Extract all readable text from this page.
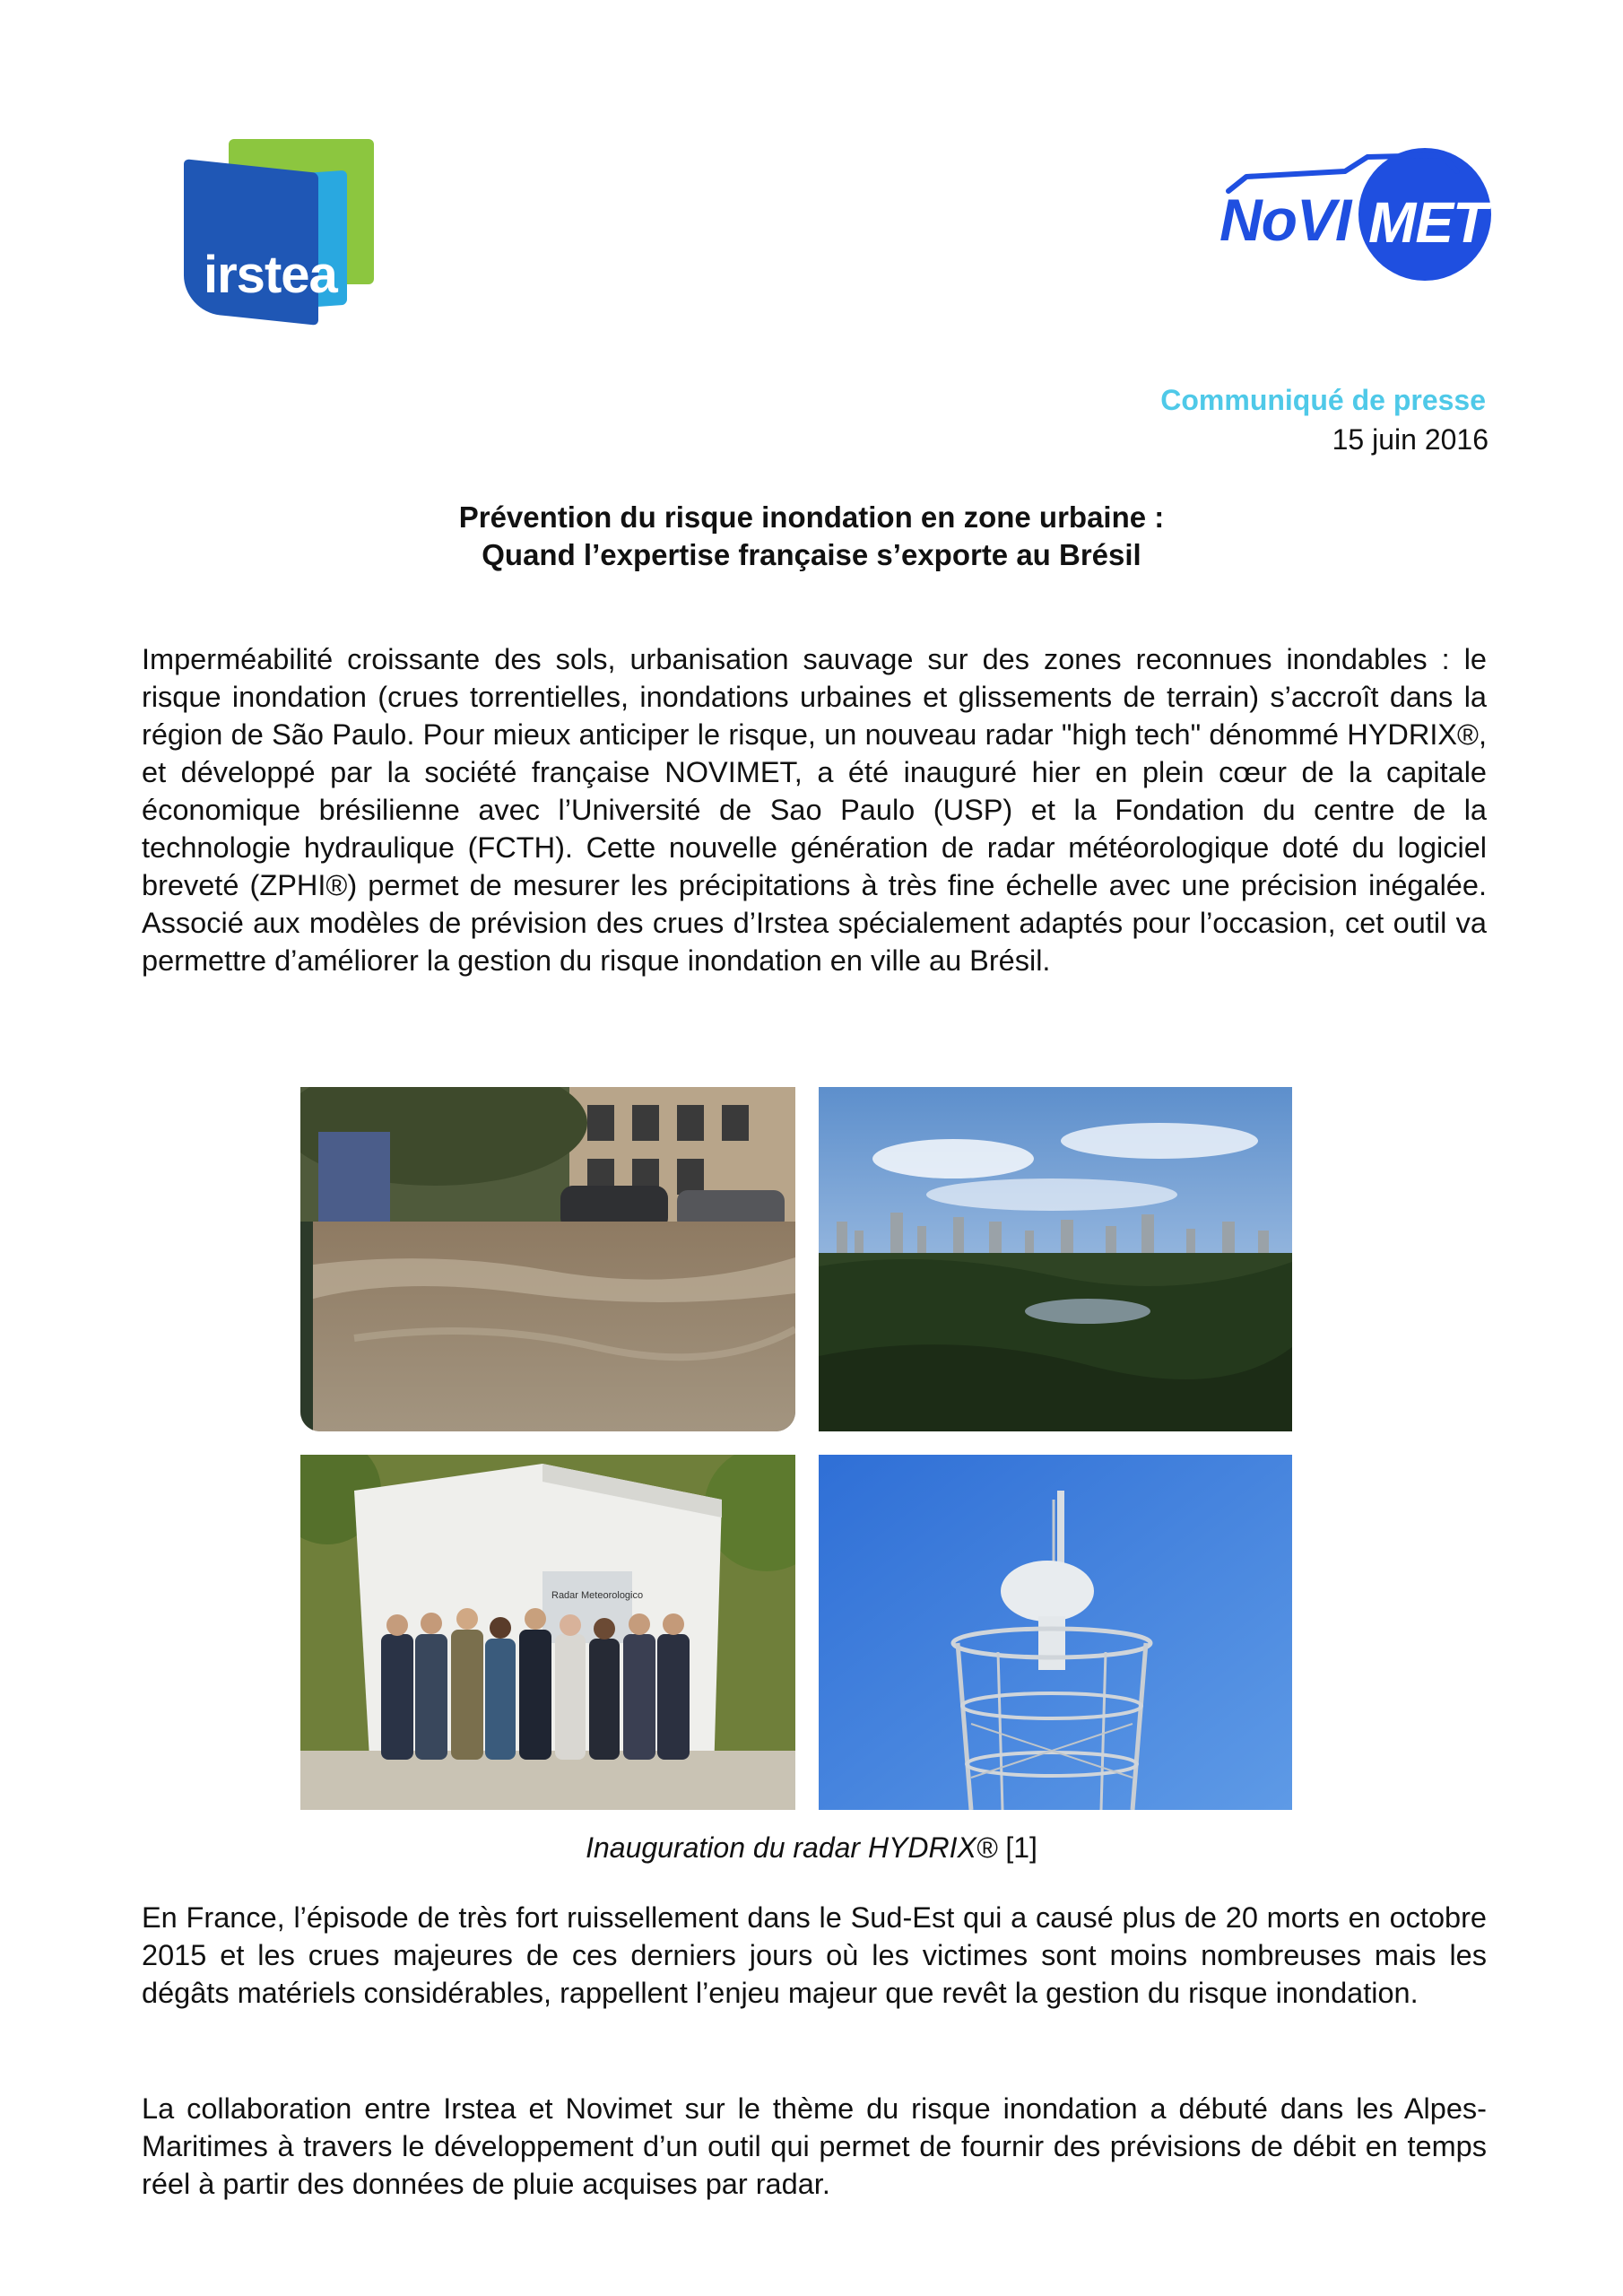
irstea
NoVI MET
Communiqué de presse
15 juin 2016
Prévention du risque inondation en zone urbaine :
Quand l’expertise française s’exporte au Brésil

Imperméabilité croissante des sols, urbanisation sauvage sur des zones reconnues inondables : le risque inondation (crues torrentielles, inondations urbaines et glissements de terrain) s’accroît dans la région de São Paulo. Pour mieux anticiper le risque, un nouveau radar "high tech" dénommé HYDRIX®, et développé par la société française NOVIMET, a été inauguré hier en plein cœur de la capitale économique brésilienne avec l’Université de Sao Paulo (USP) et la Fondation du centre de la technologie hydraulique (FCTH). Cette nouvelle génération de radar météorologique doté du logiciel breveté (ZPHI®) permet de mesurer les précipitations à très fine échelle avec une précision inégalée. Associé aux modèles de prévision des crues d’Irstea spécialement adaptés pour l’occasion, cet outil va permettre d’améliorer la gestion du risque inondation en ville au Brésil.

Radar Meteorologico
Inauguration du radar HYDRIX® [1]

En France, l’épisode de très fort ruissellement dans le Sud-Est qui a causé plus de 20 morts en octobre 2015 et les crues majeures de ces derniers jours où les victimes sont moins nombreuses mais les dégâts matériels considérables, rappellent l’enjeu majeur que revêt la gestion du risque inondation.

La collaboration entre Irstea et Novimet sur le thème du risque inondation a débuté dans les Alpes-Maritimes à travers le développement d’un outil qui permet de fournir des prévisions de débit en temps réel à partir des données de pluie acquises par radar.
